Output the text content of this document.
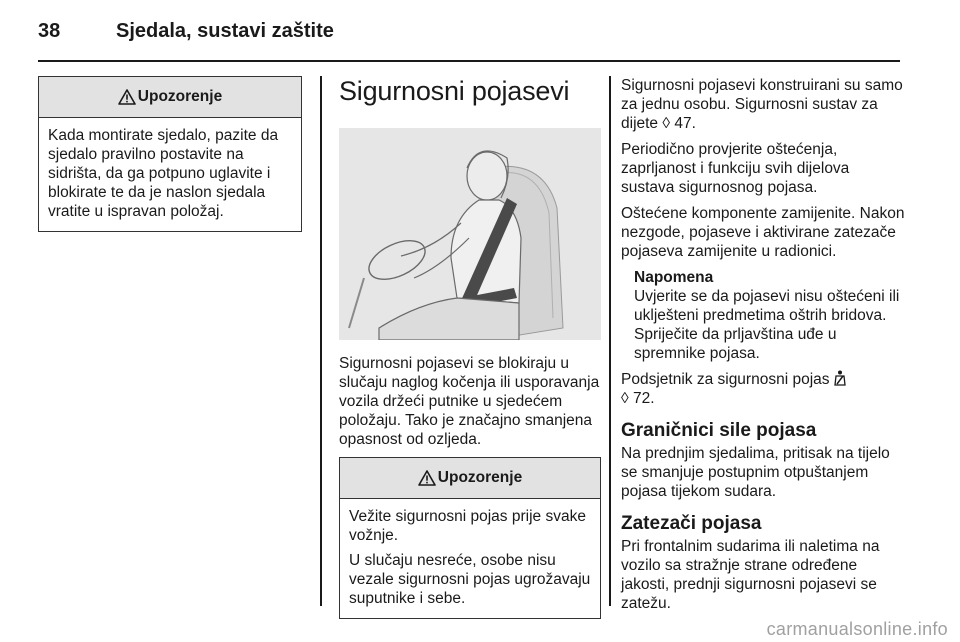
38	Sjedala, sustavi zaštite
Upozorenje

Kada montirate sjedalo, pazite da sjedalo pravilno postavite na sidrišta, da ga potpuno uglavite i blokirate te da je naslon sjedala vratite u ispravan položaj.

Sigurnosni pojasevi

Sigurnosni pojasevi se blokiraju u slučaju naglog kočenja ili usporavanja vozila držeći putnike u sjedećem položaju. Tako je značajno smanjena opasnost od ozljeda.

Upozorenje

Vežite sigurnosni pojas prije svake vožnje.

U slučaju nesreće, osobe nisu vezale sigurnosni pojas ugrožavaju suputnike i sebe.

Sigurnosni pojasevi konstruirani su samo za jednu osobu. Sigurnosni sustav za dijete ◊ 47.

Periodično provjerite oštećenja, zaprljanost i funkciju svih dijelova sustava sigurnosnog pojasa.

Oštećene komponente zamijenite. Nakon nezgode, pojaseve i aktivirane zatezače pojaseva zamijenite u radionici.

Napomena
Uvjerite se da pojasevi nisu oštećeni ili uklješteni predmetima oštrih bridova. Spriječite da prljavština uđe u spremnike pojasa.

Podsjetnik za sigurnosni pojas
◊ 72.

Graničnici sile pojasa

Na prednjim sjedalima, pritisak na tijelo se smanjuje postupnim otpuštanjem pojasa tijekom sudara.

Zatezači pojasa

Pri frontalnim sudarima ili naletima na vozilo sa stražnje strane određene jakosti, prednji sigurnosni pojasevi se zatežu.

carmanualsonline.info
